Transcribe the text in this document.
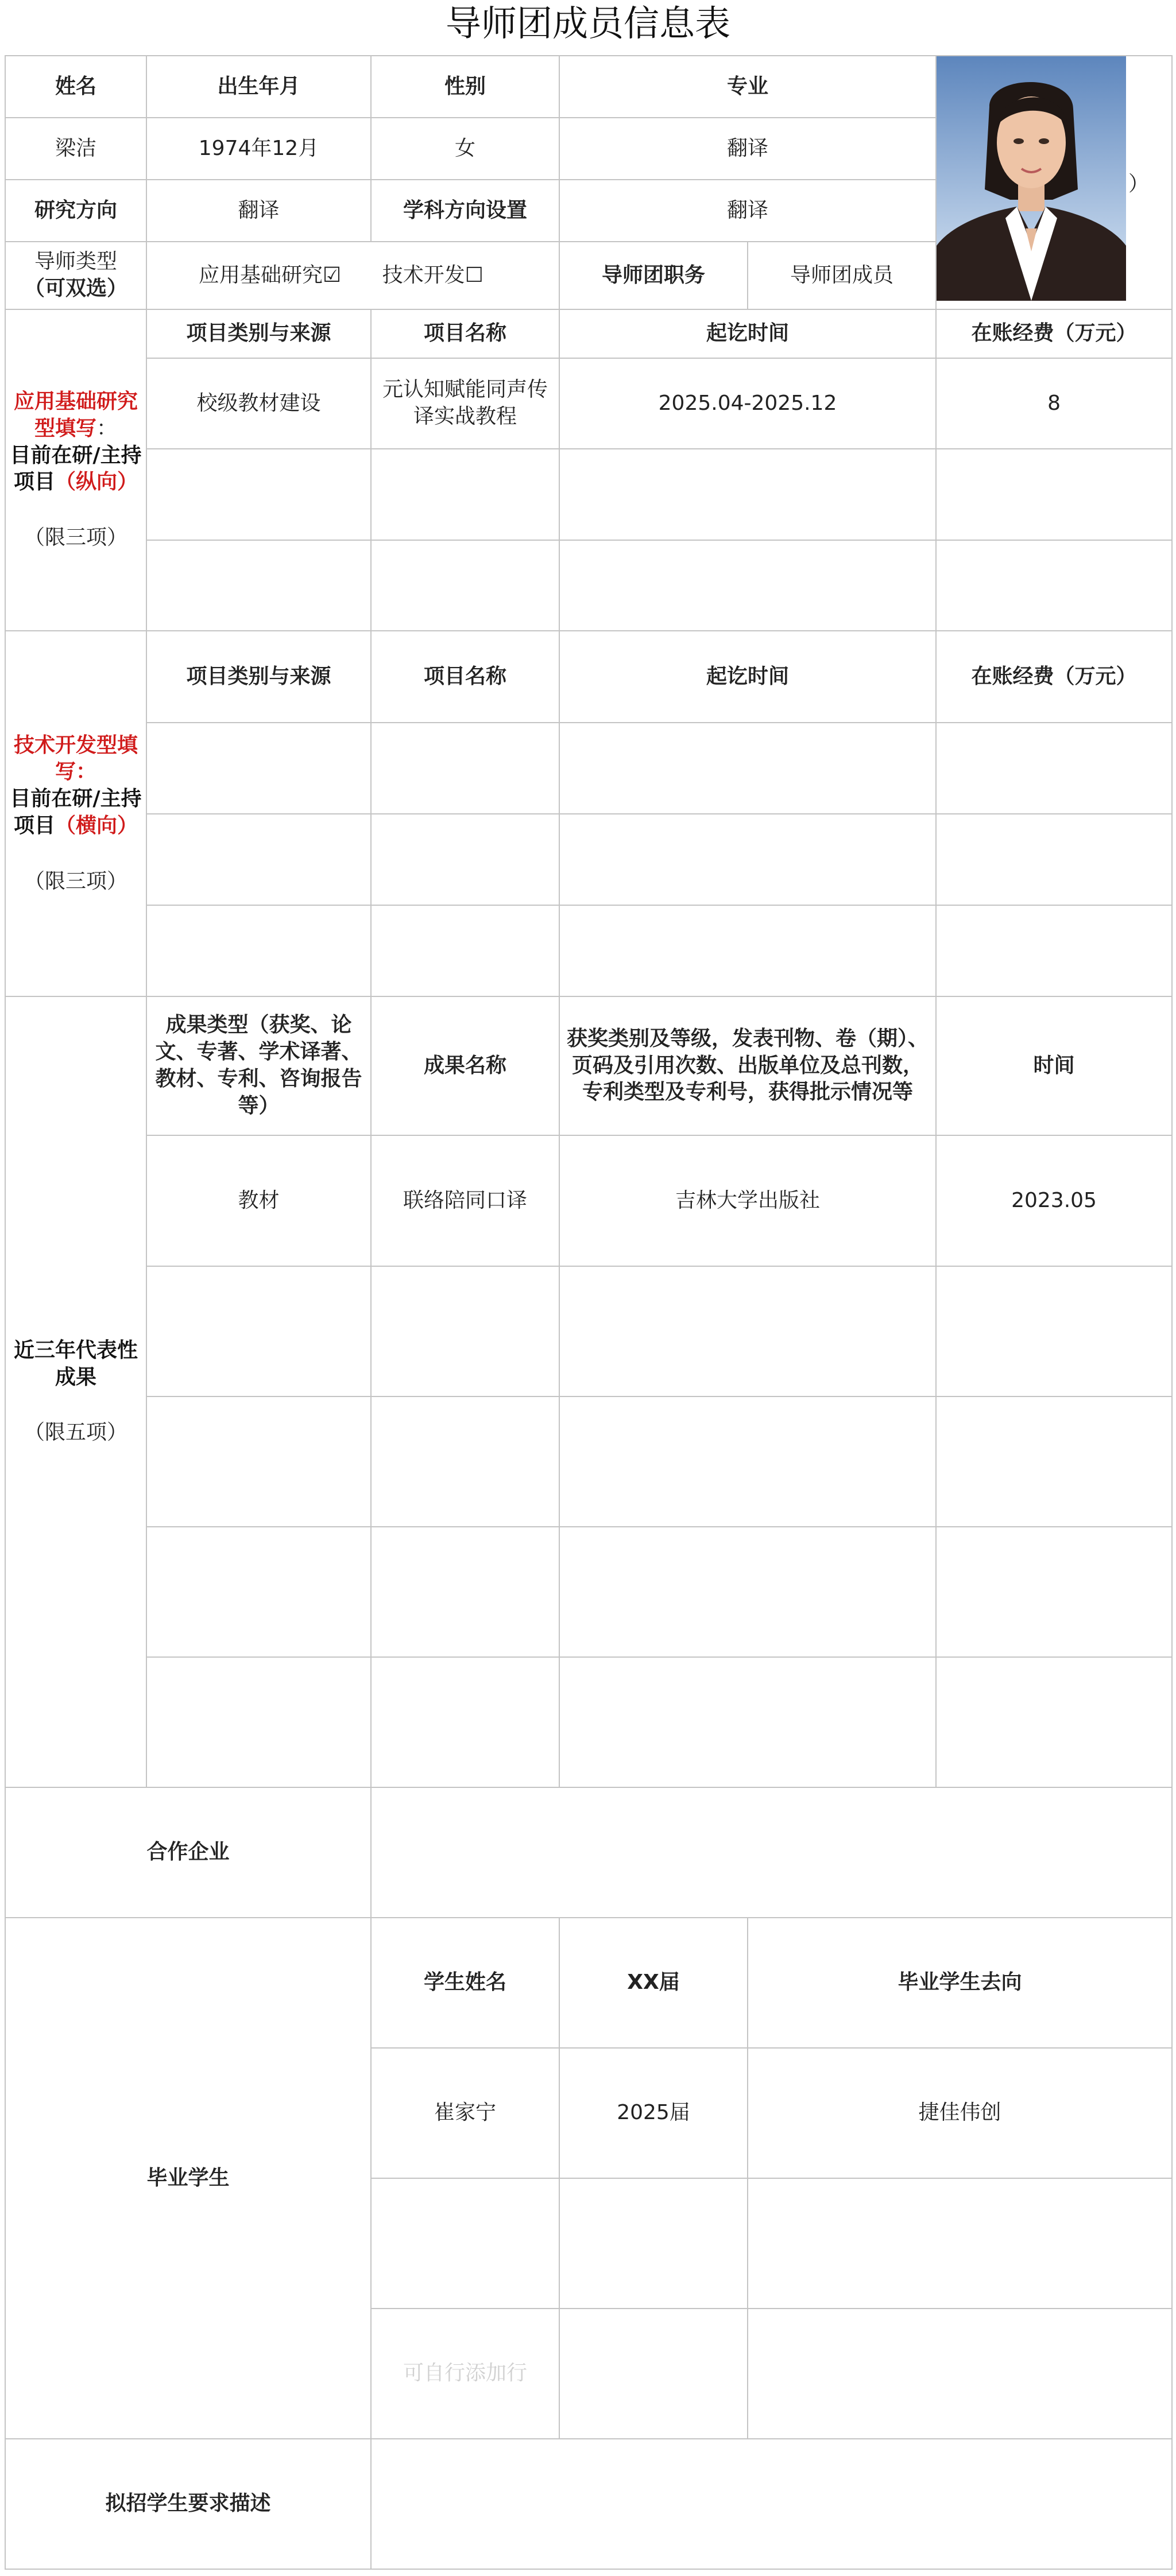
导师团成员信息表
姓名	出生年月	性别	专业		）

梁洁	1974年12月	女	翻译		
研究方向	翻译	学科方向设置	翻译		

导师类型
（可双选）	应用基础研究☑ 技术开发☐		导师团职务	导师团成员	
应用基础研究型填写：
目前在研/主持项目（纵向）
（限三项）	项目类别与来源	项目名称	起讫时间		在账经费（万元）
	校级教材建设	元认知赋能同声传译实战教程	2025.04-2025.12		8

技术开发型填写：
目前在研/主持项目（横向）
（限三项）	项目类别与来源	项目名称	起讫时间		在账经费（万元）

近三年代表性成果
（限五项）	成果类型（获奖、论文、专著、学术译著、教材、专利、咨询报告等）	成果名称	获奖类别及等级，发表刊物、卷（期）、页码及引用次数、出版单位及总刊数，专利类型及专利号，获得批示情况等		时间
	教材	联络陪同口译	吉林大学出版社		2023.05

合作企业					
毕业学生		学生姓名	XX届	毕业学生去向	
		崔家宁	2025届	捷佳伟创	

		可自行添加行			
拟招学生要求描述					
